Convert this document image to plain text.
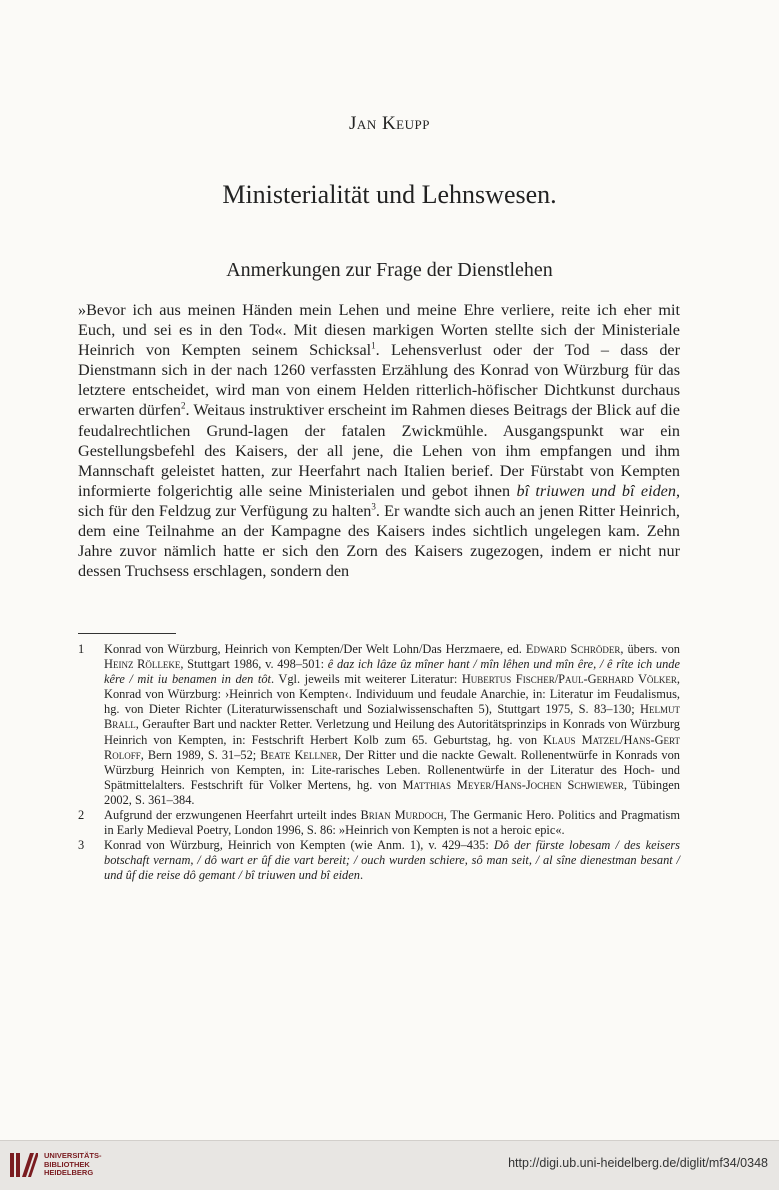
Jan Keupp
Ministerialität und Lehnswesen.
Anmerkungen zur Frage der Dienstlehen
»Bevor ich aus meinen Händen mein Lehen und meine Ehre verliere, reite ich eher mit Euch, und sei es in den Tod«. Mit diesen markigen Worten stellte sich der Ministeriale Heinrich von Kempten seinem Schicksal$^1$. Lehensverlust oder der Tod – dass der Dienstmann sich in der nach 1260 verfassten Erzählung des Konrad von Würzburg für das letztere entscheidet, wird man von einem Helden ritterlich-höfischer Dichtkunst durchaus erwarten dürfen$^2$. Weitaus instruktiver erscheint im Rahmen dieses Beitrags der Blick auf die feudalrechtlichen Grund-lagen der fatalen Zwickmühle. Ausgangspunkt war ein Gestellungsbefehl des Kaisers, der all jene, die Lehen von ihm empfangen und ihm Mannschaft geleistet hatten, zur Heerfahrt nach Italien berief. Der Fürstabt von Kempten informierte folgerichtig alle seine Ministerialen und gebot ihnen bî triuwen und bî eiden, sich für den Feldzug zur Verfügung zu halten$^3$. Er wandte sich auch an jenen Ritter Heinrich, dem eine Teilnahme an der Kampagne des Kaisers indes sichtlich ungelegen kam. Zehn Jahre zuvor nämlich hatte er sich den Zorn des Kaisers zugezogen, indem er nicht nur dessen Truchsess erschlagen, sondern den
1	Konrad von Würzburg, Heinrich von Kempten/Der Welt Lohn/Das Herzmaere, ed. Edward Schröder, übers. von Heinz Rölleke, Stuttgart 1986, v. 498–501: ê daz ich lâze ûz mîner hant / mîn lêhen und mîn êre, / ê rîte ich unde kêre / mit iu benamen in den tôt. Vgl. jeweils mit weiterer Literatur: Hubertus Fischer/Paul-Gerhard Völker, Konrad von Würzburg: ›Heinrich von Kempten‹. Individuum und feudale Anarchie, in: Literatur im Feudalismus, hg. von Dieter Richter (Literaturwissenschaft und Sozialwissenschaften 5), Stuttgart 1975, S. 83–130; Helmut Brall, Geraufter Bart und nackter Retter. Verletzung und Heilung des Autoritätsprinzips in Konrads von Würzburg Heinrich von Kempten, in: Festschrift Herbert Kolb zum 65. Geburtstag, hg. von Klaus Matzel/Hans-Gert Roloff, Bern 1989, S. 31–52; Beate Kellner, Der Ritter und die nackte Gewalt. Rollenentwürfe in Konrads von Würzburg Heinrich von Kempten, in: Lite-rarisches Leben. Rollenentwürfe in der Literatur des Hoch- und Spätmittelalters. Festschrift für Volker Mertens, hg. von Matthias Meyer/Hans-Jochen Schwiewer, Tübingen 2002, S. 361–384.
2	Aufgrund der erzwungenen Heerfahrt urteilt indes Brian Murdoch, The Germanic Hero. Politics and Pragmatism in Early Medieval Poetry, London 1996, S. 86: »Heinrich von Kempten is not a heroic epic«.
3	Konrad von Würzburg, Heinrich von Kempten (wie Anm. 1), v. 429–435: Dô der fürste lobesam / des keisers botschaft vernam, / dô wart er ûf die vart bereit; / ouch wurden schiere, sô man seit, / al sîne dienestman besant / und ûf die reise dô gemant / bî triuwen und bî eiden.
UNIVERSITÄTS-
BIBLIOTHEK
HEIDELBERG
http://digi.ub.uni-heidelberg.de/diglit/mf34/0348
